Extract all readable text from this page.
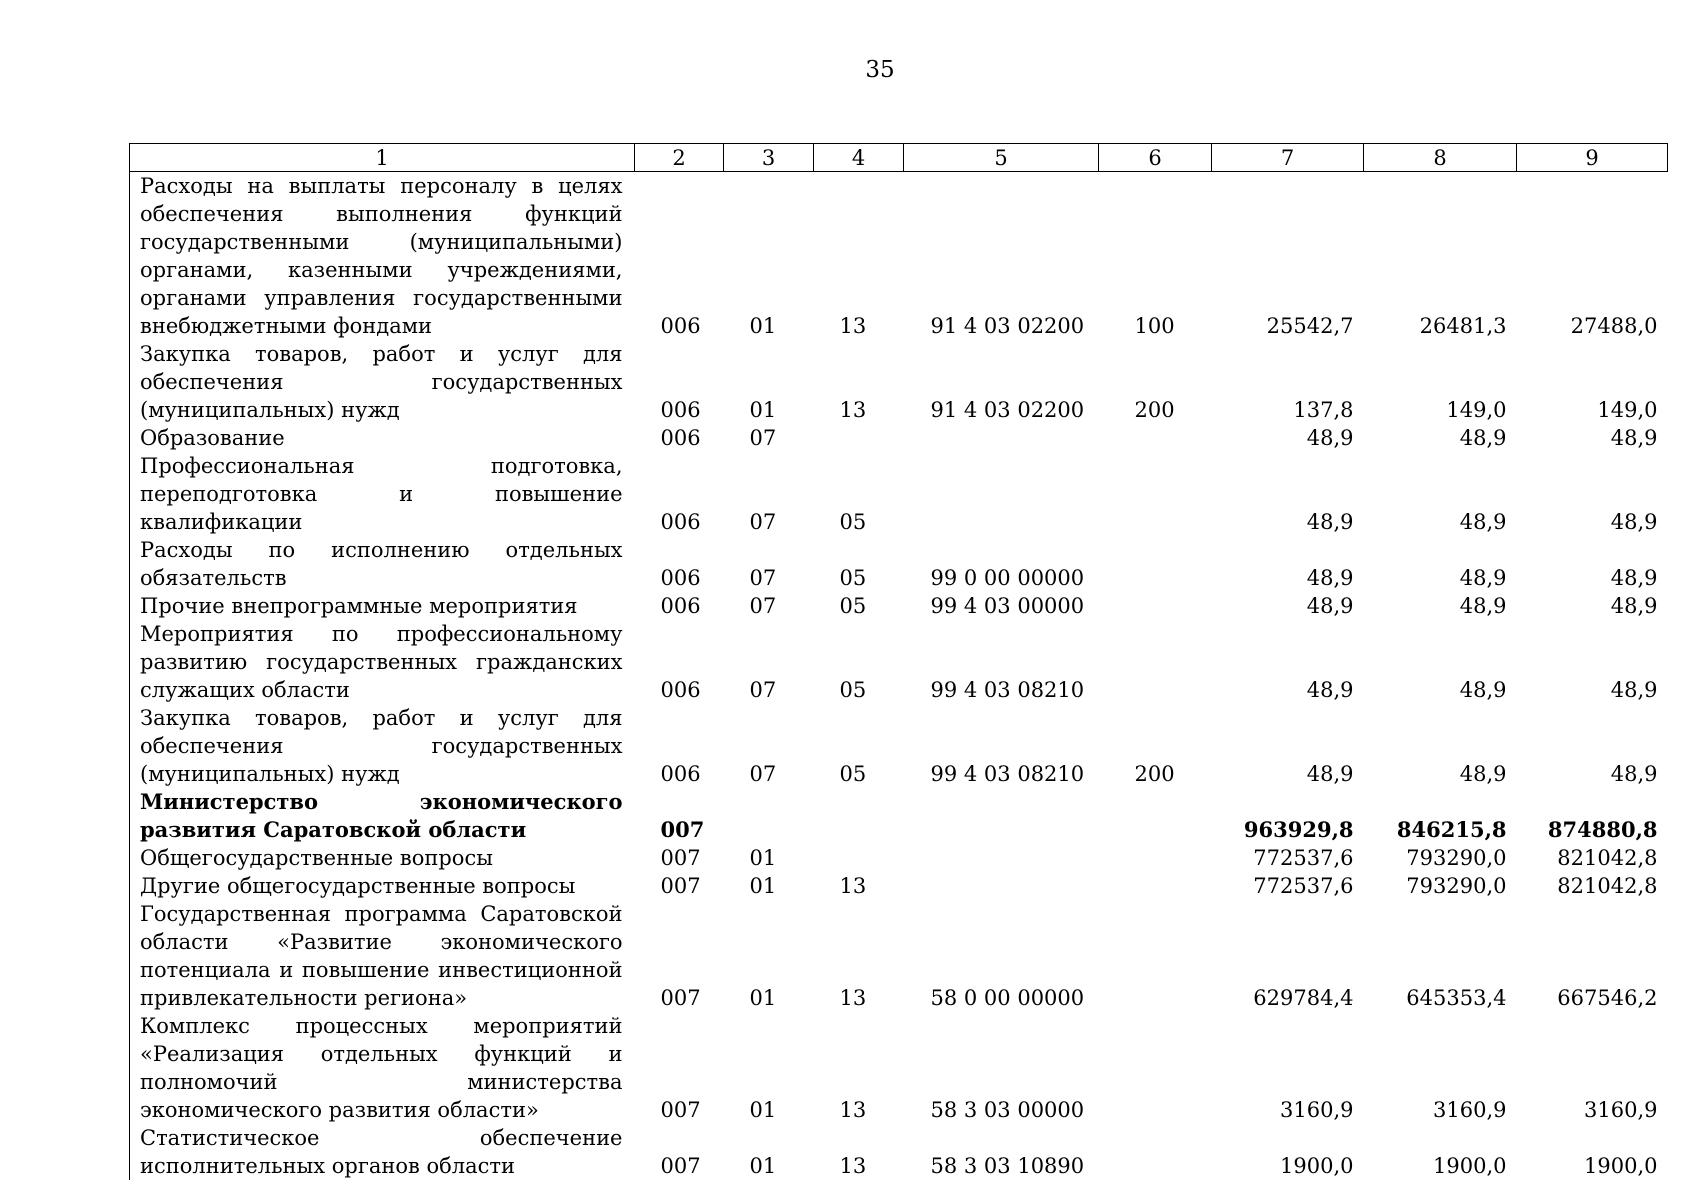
35
1	2	3	4	5	6	7	8	9
Расходы на выплаты персоналу в целях обеспечения выполнения функций государственными (муниципальными) органами, казенными учреждениями, органами управления государственными внебюджетными фондами	006	01	13	91 4 03 02200	100	25542,7	26481,3	27488,0
Закупка товаров, работ и услуг для обеспечения государственных (муниципальных) нужд	006	01	13	91 4 03 02200	200	137,8	149,0	149,0
Образование	006	07				48,9	48,9	48,9
Профессиональная подготовка, переподготовка и повышение квалификации	006	07	05			48,9	48,9	48,9
Расходы по исполнению отдельных обязательств	006	07	05	99 0 00 00000		48,9	48,9	48,9
Прочие внепрограммные мероприятия	006	07	05	99 4 03 00000		48,9	48,9	48,9
Мероприятия по профессиональному развитию государственных гражданских служащих области	006	07	05	99 4 03 08210		48,9	48,9	48,9
Закупка товаров, работ и услуг для обеспечения государственных (муниципальных) нужд	006	07	05	99 4 03 08210	200	48,9	48,9	48,9
Министерство экономического развития Саратовской области	007					963929,8	846215,8	874880,8
Общегосударственные вопросы	007	01				772537,6	793290,0	821042,8
Другие общегосударственные вопросы	007	01	13			772537,6	793290,0	821042,8
Государственная программа Саратовской области «Развитие экономического потенциала и повышение инвестиционной привлекательности региона»	007	01	13	58 0 00 00000		629784,4	645353,4	667546,2
Комплекс процессных мероприятий «Реализация отдельных функций и полномочий министерства экономического развития области»	007	01	13	58 3 03 00000		3160,9	3160,9	3160,9
Статистическое обеспечение исполнительных органов области	007	01	13	58 3 03 10890		1900,0	1900,0	1900,0
